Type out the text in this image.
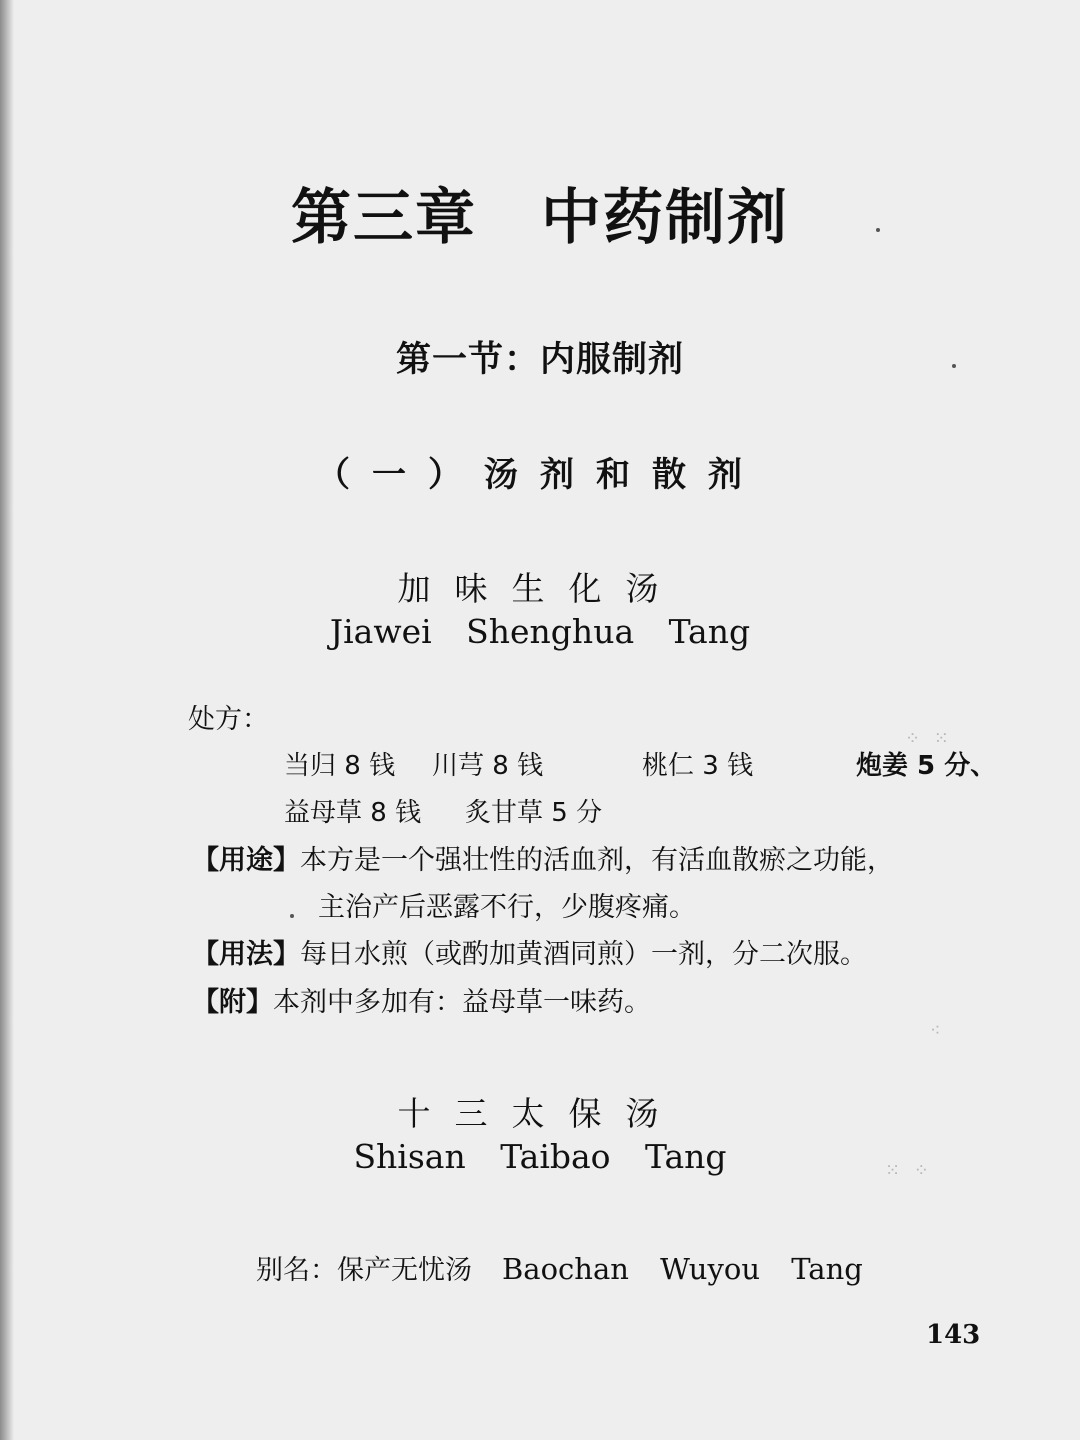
第三章 中药制剂
第一节：内服制剂
（一）汤剂和散剂
加味生化汤
Jiawei Shenghua Tang
处方：
当归 8 钱 川芎 8 钱	桃仁 3 钱	炮姜 5 分、
益母草 8 钱 炙甘草 5 分
【用途】本方是一个强壮性的活血剂，有活血散瘀之功能，
主治产后恶露不行，少腹疼痛。
【用法】每日水煎（或酌加黄酒同煎）一剂，分二次服。
【附】本剂中多加有：益母草一味药。
十三太保汤
Shisan Taibao Tang
别名：保产无忧汤 Baochan Wuyou Tang
143
⁘ ⁙
⁙ ⁘
⁖
